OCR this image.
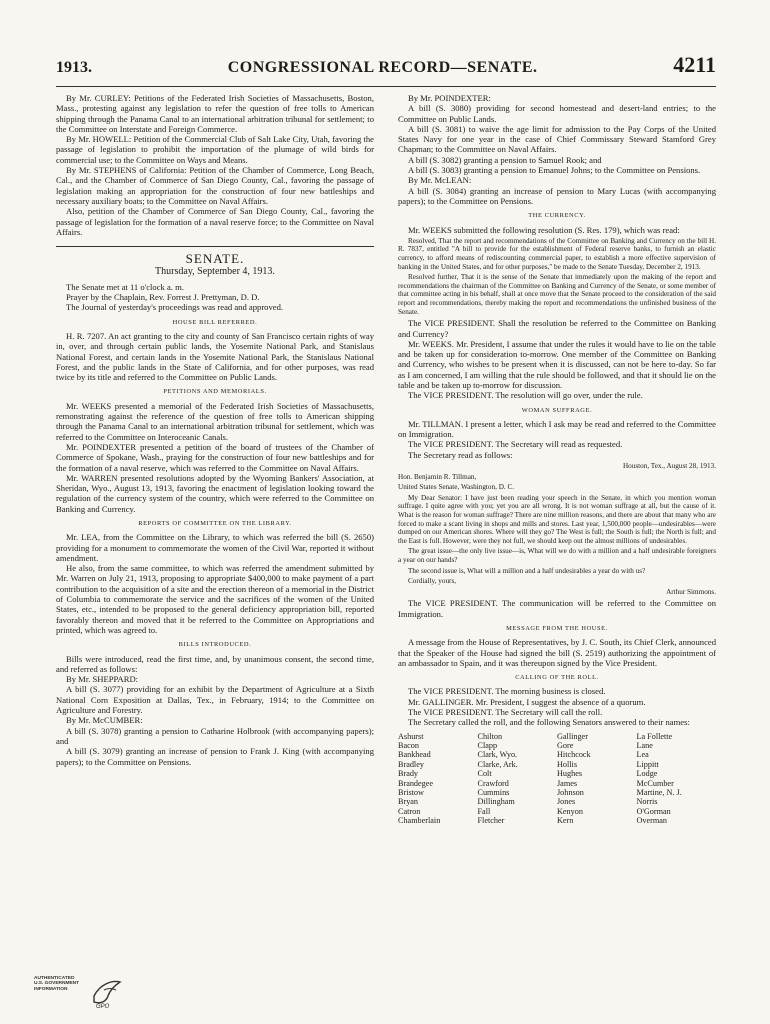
1913.	CONGRESSIONAL RECORD—SENATE.	4211

By Mr. CURLEY: Petitions of the Federated Irish Societies of Massachusetts, Boston, Mass., protesting against any legislation to refer the question of free tolls to American shipping through the Panama Canal to an international arbitration tribunal for settlement; to the Committee on Interstate and Foreign Commerce.

By Mr. HOWELL: Petition of the Commercial Club of Salt Lake City, Utah, favoring the passage of legislation to prohibit the importation of the plumage of wild birds for commercial use; to the Committee on Ways and Means.

By Mr. STEPHENS of California: Petition of the Chamber of Commerce, Long Beach, Cal., and the Chamber of Commerce of San Diego County, Cal., favoring the passage of legislation making an appropriation for the construction of four new battleships and necessary auxiliary boats; to the Committee on Naval Affairs.

Also, petition of the Chamber of Commerce of San Diego County, Cal., favoring the passage of legislation for the formation of a naval reserve force; to the Committee on Naval Affairs.

SENATE.
Thursday, September 4, 1913.

The Senate met at 11 o'clock a. m.

Prayer by the Chaplain, Rev. Forrest J. Prettyman, D. D.

The Journal of yesterday's proceedings was read and approved.

HOUSE BILL REFERRED.

H. R. 7207. An act granting to the city and county of San Francisco certain rights of way in, over, and through certain public lands, the Yosemite National Park, and Stanislaus National Forest, and certain lands in the Yosemite National Park, the Stanislaus National Forest, and the public lands in the State of California, and for other purposes, was read twice by its title and referred to the Committee on Public Lands.

PETITIONS AND MEMORIALS.

Mr. WEEKS presented a memorial of the Federated Irish Societies of Massachusetts, remonstrating against the reference of the question of free tolls to American shipping through the Panama Canal to an international arbitration tribunal for settlement, which was referred to the Committee on Interoceanic Canals.

Mr. POINDEXTER presented a petition of the board of trustees of the Chamber of Commerce of Spokane, Wash., praying for the construction of four new battleships and for the formation of a naval reserve, which was referred to the Committee on Naval Affairs.

Mr. WARREN presented resolutions adopted by the Wyoming Bankers' Association, at Sheridan, Wyo., August 13, 1913, favoring the enactment of legislation looking toward the regulation of the currency system of the country, which were referred to the Committee on Banking and Currency.

REPORTS OF COMMITTEE ON THE LIBRARY.

Mr. LEA, from the Committee on the Library, to which was referred the bill (S. 2650) providing for a monument to commemorate the women of the Civil War, reported it without amendment.

He also, from the same committee, to which was referred the amendment submitted by Mr. Warren on July 21, 1913, proposing to appropriate $400,000 to make payment of a part contribution to the acquisition of a site and the erection thereon of a memorial in the District of Columbia to commemorate the service and the sacrifices of the women of the United States, etc., intended to be proposed to the general deficiency appropriation bill, reported favorably thereon and moved that it be referred to the Committee on Appropriations and printed, which was agreed to.

BILLS INTRODUCED.

Bills were introduced, read the first time, and, by unanimous consent, the second time, and referred as follows:

By Mr. SHEPPARD:

A bill (S. 3077) providing for an exhibit by the Department of Agriculture at a Sixth National Corn Exposition at Dallas, Tex., in February, 1914; to the Committee on Agriculture and Forestry.

By Mr. McCUMBER:

A bill (S. 3078) granting a pension to Catharine Holbrook (with accompanying papers); and

A bill (S. 3079) granting an increase of pension to Frank J. King (with accompanying papers); to the Committee on Pensions.

By Mr. POINDEXTER:

A bill (S. 3080) providing for second homestead and desert-land entries; to the Committee on Public Lands.

A bill (S. 3081) to waive the age limit for admission to the Pay Corps of the United States Navy for one year in the case of Chief Commissary Steward Stamford Grey Chapman; to the Committee on Naval Affairs.

A bill (S. 3082) granting a pension to Samuel Rook; and

A bill (S. 3083) granting a pension to Emanuel Johns; to the Committee on Pensions.

By Mr. McLEAN:

A bill (S. 3084) granting an increase of pension to Mary Lucas (with accompanying papers); to the Committee on Pensions.

THE CURRENCY.

Mr. WEEKS submitted the following resolution (S. Res. 179), which was read:

Resolved, That the report and recommendations of the Committee on Banking and Currency on the bill H. R. 7837, entitled "A bill to provide for the establishment of Federal reserve banks, to furnish an elastic currency, to afford means of rediscounting commercial paper, to establish a more effective supervision of banking in the United States, and for other purposes," be made to the Senate Tuesday, December 2, 1913.

Resolved further, That it is the sense of the Senate that immediately upon the making of the report and recommendations the chairman of the Committee on Banking and Currency of the Senate, or some member of that committee acting in his behalf, shall at once move that the Senate proceed to the consideration of the said report and recommendations, thereby making the report and recommendations the unfinished business of the Senate.

The VICE PRESIDENT. Shall the resolution be referred to the Committee on Banking and Currency?

Mr. WEEKS. Mr. President, I assume that under the rules it would have to lie on the table and be taken up for consideration to-morrow. One member of the Committee on Banking and Currency, who wishes to be present when it is discussed, can not be here to-day. So far as I am concerned, I am willing that the rule should be followed, and that it should lie on the table and be taken up to-morrow for discussion.

The VICE PRESIDENT. The resolution will go over, under the rule.

WOMAN SUFFRAGE.

Mr. TILLMAN. I present a letter, which I ask may be read and referred to the Committee on Immigration.

The VICE PRESIDENT. The Secretary will read as requested.

The Secretary read as follows:

Houston, Tex., August 28, 1913.
Hon. Benjamin R. Tillman,
United States Senate, Washington, D. C.

My Dear Senator: I have just been reading your speech in the Senate, in which you mention woman suffrage. I quite agree with you; yet you are all wrong. It is not woman suffrage at all, but the cause of it. What is the reason for woman suffrage? There are nine million reasons, and there are about that many who are forced to make a scant living in shops and mills and stores. Last year, 1,500,000 people—undesirables—were dumped on our American shores. Where will they go? The West is full; the South is full; the North is full; and the East is full. However, were they not full, we should keep out the almost millions of undesirables.

The great issue—the only live issue—is, What will we do with a million and a half undesirable foreigners a year on our hands?

The second issue is, What will a million and a half undesirables a year do with us?

Cordially, yours,

Arthur Simmons.

The VICE PRESIDENT. The communication will be referred to the Committee on Immigration.

MESSAGE FROM THE HOUSE.

A message from the House of Representatives, by J. C. South, its Chief Clerk, announced that the Speaker of the House had signed the bill (S. 2519) authorizing the appointment of an ambassador to Spain, and it was thereupon signed by the Vice President.

CALLING OF THE ROLL.

The VICE PRESIDENT. The morning business is closed.

Mr. GALLINGER. Mr. President, I suggest the absence of a quorum.

The VICE PRESIDENT. The Secretary will call the roll.

The Secretary called the roll, and the following Senators answered to their names:

Ashurst
Bacon
Bankhead
Bradley
Brady
Brandegee
Bristow
Bryan
Catron
Chamberlain
Chilton
Clapp
Clark, Wyo.
Clarke, Ark.
Colt
Crawford
Cummins
Dillingham
Fall
Fletcher
Gallinger
Gore
Hitchcock
Hollis
Hughes
James
Johnson
Jones
Kenyon
Kern
La Follette
Lane
Lea
Lippitt
Lodge
McCumber
Martine, N. J.
Norris
O'Gorman
Overman
AUTHENTICATED
U.S. GOVERNMENT
INFORMATION
GPO
